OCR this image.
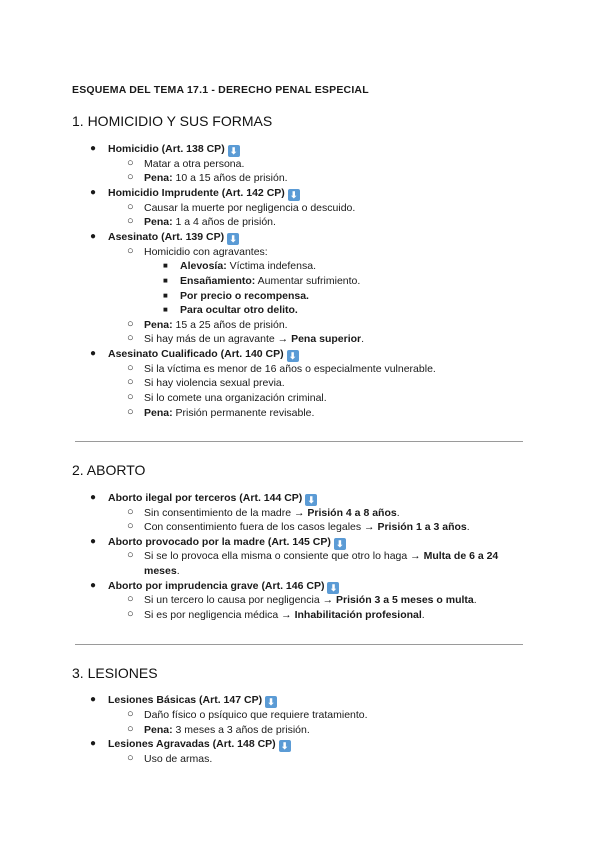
ESQUEMA DEL TEMA 17.1 - DERECHO PENAL ESPECIAL
1. HOMICIDIO Y SUS FORMAS
● Homicidio (Art. 138 CP) ⬇
○ Matar a otra persona.
○ Pena: 10 a 15 años de prisión.
● Homicidio Imprudente (Art. 142 CP) ⬇
○ Causar la muerte por negligencia o descuido.
○ Pena: 1 a 4 años de prisión.
● Asesinato (Art. 139 CP) ⬇
○ Homicidio con agravantes:
■ Alevosía: Víctima indefensa.
■ Ensañamiento: Aumentar sufrimiento.
■ Por precio o recompensa.
■ Para ocultar otro delito.
○ Pena: 15 a 25 años de prisión.
○ Si hay más de un agravante → Pena superior.
● Asesinato Cualificado (Art. 140 CP) ⬇
○ Si la víctima es menor de 16 años o especialmente vulnerable.
○ Si hay violencia sexual previa.
○ Si lo comete una organización criminal.
○ Pena: Prisión permanente revisable.
2. ABORTO
● Aborto ilegal por terceros (Art. 144 CP) ⬇
○ Sin consentimiento de la madre → Prisión 4 a 8 años.
○ Con consentimiento fuera de los casos legales → Prisión 1 a 3 años.
● Aborto provocado por la madre (Art. 145 CP) ⬇
○ Si se lo provoca ella misma o consiente que otro lo haga → Multa de 6 a 24 meses.
● Aborto por imprudencia grave (Art. 146 CP) ⬇
○ Si un tercero lo causa por negligencia → Prisión 3 a 5 meses o multa.
○ Si es por negligencia médica → Inhabilitación profesional.
3. LESIONES
● Lesiones Básicas (Art. 147 CP) ⬇
○ Daño físico o psíquico que requiere tratamiento.
○ Pena: 3 meses a 3 años de prisión.
● Lesiones Agravadas (Art. 148 CP) ⬇
○ Uso de armas.
